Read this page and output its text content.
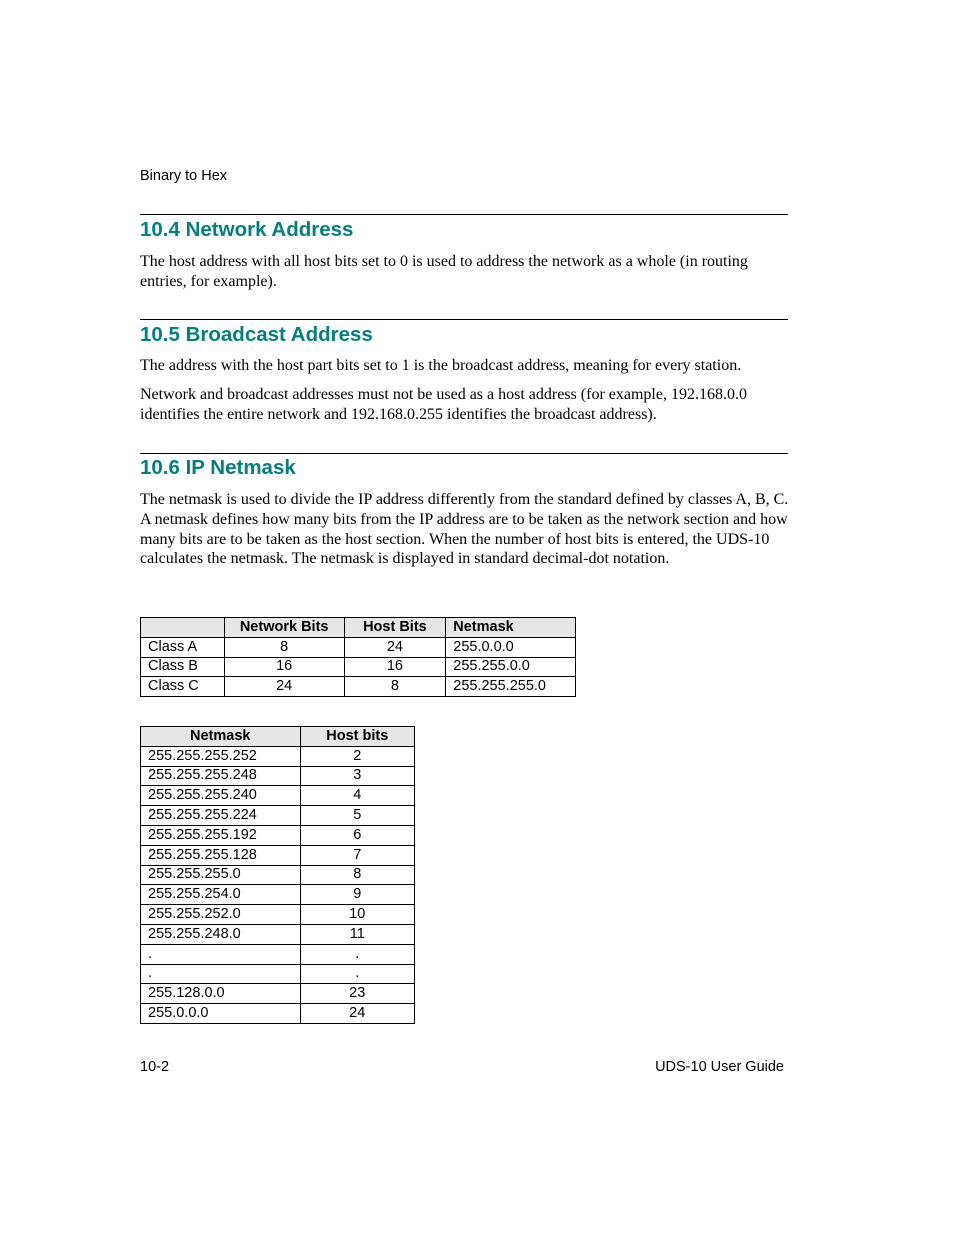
Binary to Hex
10.4 Network Address

The host address with all host bits set to 0 is used to address the network as a whole (in routing entries, for example).

10.5 Broadcast Address

The address with the host part bits set to 1 is the broadcast address, meaning for every station.

Network and broadcast addresses must not be used as a host address (for example, 192.168.0.0 identifies the entire network and 192.168.0.255 identifies the broadcast address).

10.6 IP Netmask

The netmask is used to divide the IP address differently from the standard defined by classes A, B, C. A netmask defines how many bits from the IP address are to be taken as the network section and how many bits are to be taken as the host section. When the number of host bits is entered, the UDS-10 calculates the netmask. The netmask is displayed in standard decimal-dot notation.

	Network Bits	Host Bits	Netmask
Class A	8	24	255.0.0.0
Class B	16	16	255.255.0.0
Class C	24	8	255.255.255.0
Netmask	Host bits
255.255.255.252	2
255.255.255.248	3
255.255.255.240	4
255.255.255.224	5
255.255.255.192	6
255.255.255.128	7
255.255.255.0	8
255.255.254.0	9
255.255.252.0	10
255.255.248.0	11
.	.
.	.
255.128.0.0	23
255.0.0.0	24
10-2	UDS-10 User Guide
